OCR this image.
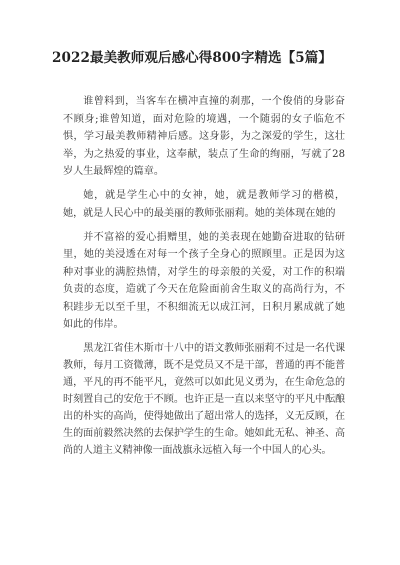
2022最美教师观后感心得800字精选【5篇】

谁曾料到，当客车在横冲直撞的刹那，一个俊俏的身影奋不顾身;谁曾知道，面对危险的境遇，一个随弱的女子临危不惧，学习最美教师精神后感。这身影，为之深爱的学生，这壮举，为之热爱的事业，这奉献，装点了生命的绚丽，写就了28岁人生最辉煌的篇章。

她，就是学生心中的女神，她，就是教师学习的楷模，她，就是人民心中的最美丽的教师张丽莉。她的美体现在她的

并不富裕的爱心捐赠里，她的美表现在她勤奋进取的钻研里，她的美浸透在对每一个孩子全身心的照顾里。正是因为这种对事业的满腔热情，对学生的母亲般的关爱，对工作的积端负责的态度，造就了今天在危险面前舍生取义的高尚行为，不积跬步无以至千里，不积细流无以成江河，日积月累成就了她如此的伟岸。

黑龙江省佳木斯市十八中的语文教师张丽莉不过是一名代课教师，每月工资微薄，既不是党员又不是干部，普通的再不能普通，平凡的再不能平凡，竟然可以如此见义勇为，在生命危急的时刻置自己的安危于不顾。也许正是一直以来坚守的平凡中酝酿出的朴实的高尚，使得她做出了超出常人的选择，义无反顾，在生的面前毅然决然的去保护学生的生命。她如此无私、神圣、高尚的人道主义精神像一面战旗永远植入每一个中国人的心头。
